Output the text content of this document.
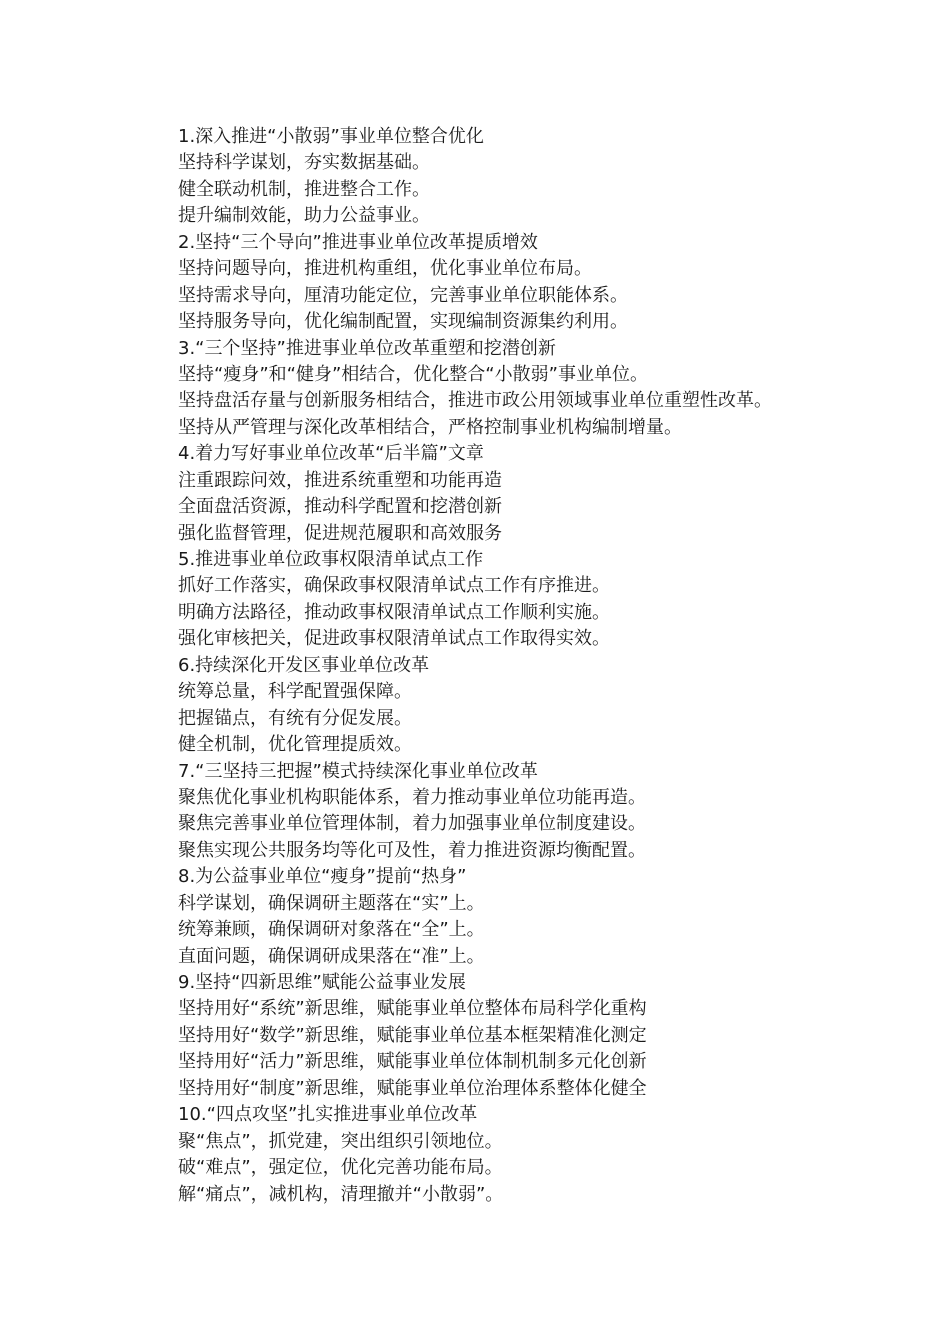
1.深入推进“小散弱”事业单位整合优化
坚持科学谋划，夯实数据基础。
健全联动机制，推进整合工作。
提升编制效能，助力公益事业。
2.坚持“三个导向”推进事业单位改革提质增效
坚持问题导向，推进机构重组，优化事业单位布局。
坚持需求导向，厘清功能定位，完善事业单位职能体系。
坚持服务导向，优化编制配置，实现编制资源集约利用。
3.“三个坚持”推进事业单位改革重塑和挖潜创新
坚持“瘦身”和“健身”相结合，优化整合“小散弱”事业单位。
坚持盘活存量与创新服务相结合，推进市政公用领域事业单位重塑性改革。
坚持从严管理与深化改革相结合，严格控制事业机构编制增量。
4.着力写好事业单位改革“后半篇”文章
注重跟踪问效，推进系统重塑和功能再造
全面盘活资源，推动科学配置和挖潜创新
强化监督管理，促进规范履职和高效服务
5.推进事业单位政事权限清单试点工作
抓好工作落实，确保政事权限清单试点工作有序推进。
明确方法路径，推动政事权限清单试点工作顺利实施。
强化审核把关，促进政事权限清单试点工作取得实效。
6.持续深化开发区事业单位改革
统筹总量，科学配置强保障。
把握锚点，有统有分促发展。
健全机制，优化管理提质效。
7.“三坚持三把握”模式持续深化事业单位改革
聚焦优化事业机构职能体系，着力推动事业单位功能再造。
聚焦完善事业单位管理体制，着力加强事业单位制度建设。
聚焦实现公共服务均等化可及性，着力推进资源均衡配置。
8.为公益事业单位“瘦身”提前“热身”
科学谋划，确保调研主题落在“实”上。
统筹兼顾，确保调研对象落在“全”上。
直面问题，确保调研成果落在“准”上。
9.坚持“四新思维”赋能公益事业发展
坚持用好“系统”新思维，赋能事业单位整体布局科学化重构
坚持用好“数学”新思维，赋能事业单位基本框架精准化测定
坚持用好“活力”新思维，赋能事业单位体制机制多元化创新
坚持用好“制度”新思维，赋能事业单位治理体系整体化健全
10.“四点攻坚”扎实推进事业单位改革
聚“焦点”，抓党建，突出组织引领地位。
破“难点”，强定位，优化完善功能布局。
解“痛点”，减机构，清理撤并“小散弱”。
